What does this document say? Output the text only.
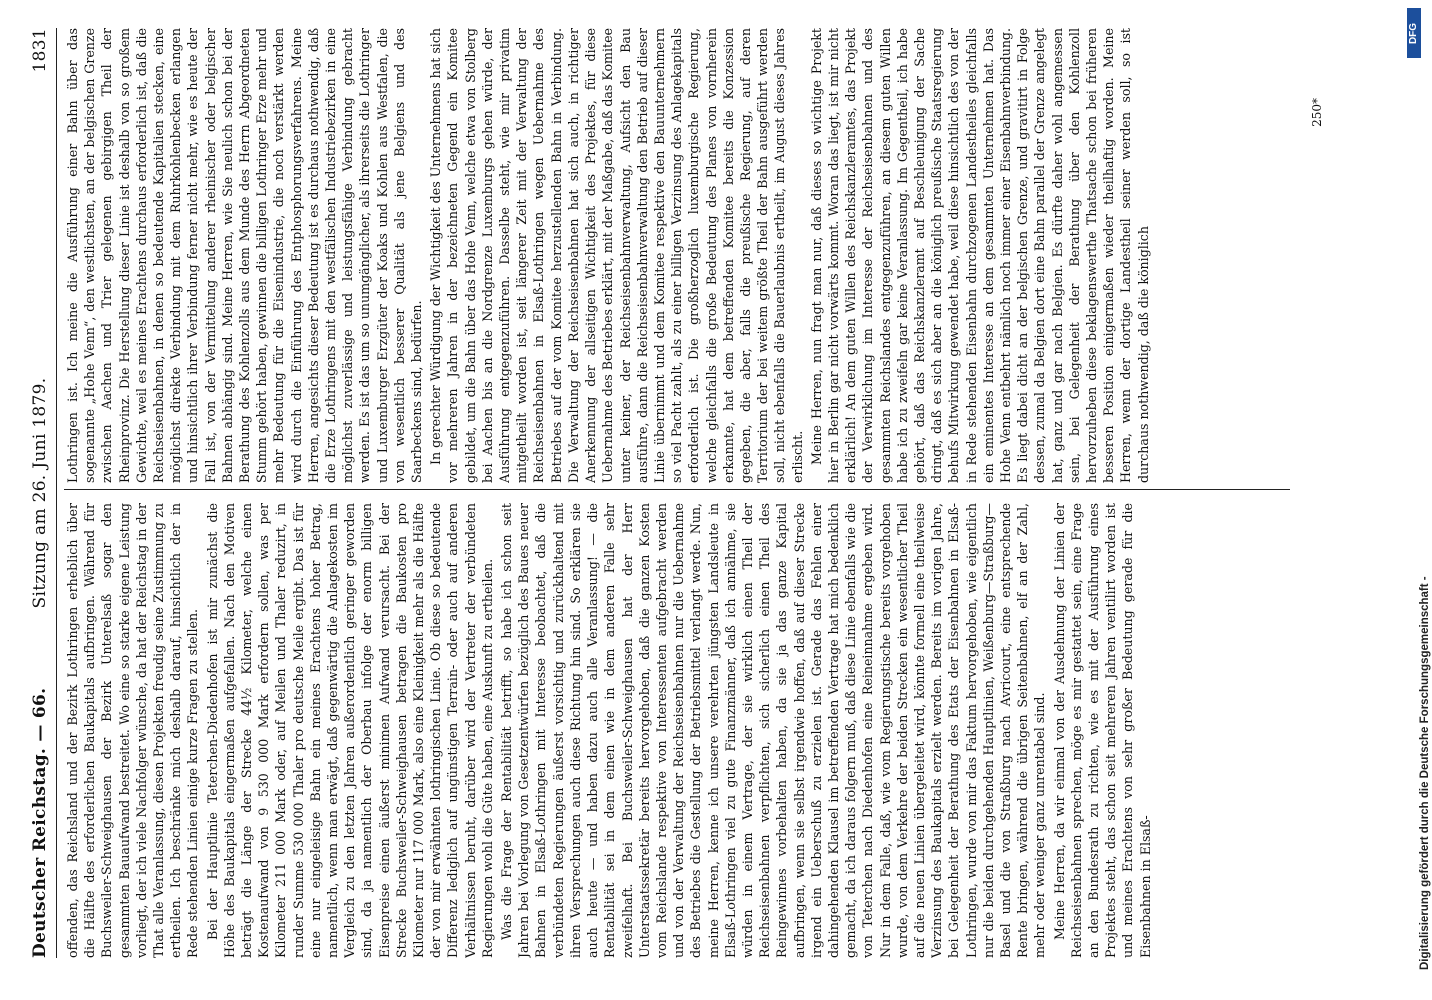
Deutscher Reichstag. — 66.
Sitzung am 26. Juni 1879.
1831

offenden, das Reichsland und der Bezirk Lothringen erheblich über die Hälfte des erforderlichen Baukapitals aufbringen. Während für Buchsweiler-Schweighausen der Bezirk Unterelsaß sogar den gesammten Bauaufwand bestreitet. Wo eine so starke eigene Leistung vorliegt, der ich viele Nachfolger wünsche, da hat der Reichstag in der That alle Veranlassung, diesen Projekten freudig seine Zustimmung zu ertheilen. Ich beschränke mich deshalb darauf, hinsichtlich der in Rede stehenden Linien einige kurze Fragen zu stellen. Bei der Hauptlinie Teterchen-Diedenhofen ist mir zunächst die Höhe des Baukapitals eingermaßen aufgefallen. Nach den Motiven beträgt die Länge der Strecke 44½ Kilometer, welche einen Kostenaufwand von 9 530 000 Mark erfordern sollen, was per Kilometer 211 000 Mark oder, auf Meilen und Thaler reduzirt, in runder Summe 530 000 Thaler pro deutsche Meile ergibt. Das ist für eine nur eingeleisige Bahn ein meines Erachtens hoher Betrag, namentlich, wenn man erwägt, daß gegenwärtig die Anlagekosten im Vergleich zu den letzten Jahren außerordentlich geringer geworden sind, da ja namentlich der Oberbau infolge der enorm billigen Eisenpreise einen äußerst minimen Aufwand verursacht. Bei der Strecke Buchsweiler-Schweighausen betragen die Baukosten pro Kilometer nur 117 000 Mark, also eine Kleinigkeit mehr als die Hälfte der von mir erwähnten lothringischen Linie. Ob diese so bedeutende Differenz lediglich auf ungünstigen Terrain- oder auch auf anderen Verhältnissen beruht, darüber wird der Vertreter der verbündeten Regierungen wohl die Güte haben, eine Auskunft zu ertheilen. Was die Frage der Rentabilität betrifft, so habe ich schon seit Jahren bei Vorlegung von Gesetzentwürfen bezüglich des Baues neuer Bahnen in Elsaß-Lothringen mit Interesse beobachtet, daß die verbündeten Regierungen äußerst vorsichtig und zurückhaltend mit ihren Versprechungen auch diese Richtung hin sind. So erklären sie auch heute — und haben dazu auch alle Veranlassung! — die Rentabilität sei in dem einen wie in dem anderen Falle sehr zweifelhaft. Bei Buchsweiler-Schweighausen hat der Herr Unterstaatssekretär bereits hervorgehoben, daß die ganzen Kosten vom Reichslande respektive von Interessenten aufgebracht werden und von der Verwaltung der Reichseisenbahnen nur die Uebernahme des Betriebes die Gestellung der Betriebsmittel verlangt werde. Nun, meine Herren, kenne ich unsere verehrten jüngsten Landsleute in Elsaß-Lothringen viel zu gute Finanzmänner, daß ich annähme, sie würden in einem Vertrage, der sie wirklich einen Theil der Reichseisenbahnen verpflichten, sich sicherlich einen Theil des Reingewinnes vorbehalten haben, da sie ja das ganze Kapital aufbringen, wenn sie selbst irgendwie hoffen, daß auf dieser Strecke irgend ein Ueberschuß zu erzielen ist. Gerade das Fehlen einer dahingehenden Klausel im betreffenden Vertrage hat mich bedenklich gemacht, da ich daraus folgern muß, daß diese Linie ebenfalls wie die von Teterchen nach Diedenhofen eine Reineinnahme ergeben wird. Nur in dem Falle, daß, wie vom Regierungstische bereits vorgehoben wurde, von dem Verkehre der beiden Strecken ein wesentlicher Theil auf die neuen Linien übergeleitet wird, könnte formell eine theilweise Verzinsung des Baukapitals erzielt werden. Bereits im vorigen Jahre, bei Gelegenheit der Berathung des Etats der Eisenbahnen in Elsaß-Lothringen, wurde von mir das Faktum hervorgehoben, wie eigentlich nur die beiden durchgehenden Hauptlinien, Weißenburg—Straßburg—Basel und die von Straßburg nach Avricourt, eine entsprechende Rente bringen, während die übrigen Seitenbahnen, elf an der Zahl, mehr oder weniger ganz unrentabel sind. Meine Herren, da wir einmal von der Ausdehnung der Linien der Reichseisenbahnen sprechen, möge es mir gestattet sein, eine Frage an den Bundesrath zu richten, wie es mit der Ausführung eines Projektes steht, das schon seit mehreren Jahren ventilirt worden ist und meines Erachtens von sehr großer Bedeutung gerade für die Eisenbahnen in Elsaß-

Lothringen ist. Ich meine die Ausführung einer Bahn über das sogenannte „Hohe Venn“, den westlichsten, an der belgischen Grenze zwischen Aachen und Trier gelegenen gebirgigen Theil der Rheinprovinz. Die Herstellung dieser Linie ist deshalb von so großem Gewichte, weil es meines Erachtens durchaus erforderlich ist, daß die Reichseisenbahnen, in denen so bedeutende Kapitalien stecken, eine möglichst direkte Verbindung mit dem Ruhrkohlenbecken erlangen und hinsichtlich ihrer Verbindung ferner nicht mehr, wie es heute der Fall ist, von der Vermittelung anderer rheinischer oder belgischer Bahnen abhängig sind. Meine Herren, wie Sie neulich schon bei der Berathung des Kohlenzolls aus dem Munde des Herrn Abgeordneten Stumm gehört haben, gewinnen die billigen Lothringer Erze mehr und mehr Bedeutung für die Eisenindustrie, die noch verstärkt werden wird durch die Einführung des Entphosphorungsverfahrens. Meine Herren, angesichts dieser Bedeutung ist es durchaus nothwendig, daß die Erze Lothringens mit den westfälischen Industriebezirken in eine möglichst zuverlässige und leistungsfähige Verbindung gebracht werden. Es ist das um so unumgänglicher, als ihrerseits die Lothringer und Luxemburger Erzgüter der Koaks und Kohlen aus Westfalen, die von wesentlich besserer Qualität als jene Belgiens und des Saarbeckens sind, bedürfen. In gerechter Würdigung der Wichtigkeit des Unternehmens hat sich vor mehreren Jahren in der bezeichneten Gegend ein Komitee gebildet, um die Bahn über das Hohe Venn, welche etwa von Stolberg bei Aachen bis an die Nordgrenze Luxemburgs gehen würde, der Ausführung entgegenzuführen. Dasselbe steht, wie mir privatim mitgetheilt worden ist, seit längerer Zeit mit der Verwaltung der Reichseisenbahnen in Elsaß-Lothringen wegen Uebernahme des Betriebes auf der vom Komitee herzustellenden Bahn in Verbindung. Die Verwaltung der Reichseisenbahnen hat sich auch, in richtiger Anerkennung der allseitigen Wichtigkeit des Projektes, für diese Uebernahme des Betriebes erklärt, mit der Maßgabe, daß das Komitee unter keiner, der Reichseisenbahnverwaltung, Aufsicht den Bau ausführe, dann die Reichseisenbahnverwaltung den Betrieb auf dieser Linie übernimmt und dem Komitee respektive den Bauunternehmern so viel Pacht zahlt, als zu einer billigen Verzinsung des Anlagekapitals erforderlich ist. Die großherzoglich luxemburgische Regierung, welche gleichfalls die große Bedeutung des Planes von vornherein erkannte, hat dem betreffenden Komitee bereits die Konzession gegeben, die aber, falls die preußische Regierung, auf deren Territorium der bei weitem größte Theil der Bahn ausgeführt werden soll, nicht ebenfalls die Bauerlaubnis ertheilt, im August dieses Jahres erlischt. Meine Herren, nun fragt man nur, daß dieses so wichtige Projekt hier in Berlin gar nicht vorwärts kommt. Woran das liegt, ist mir nicht erklärlich! An dem guten Willen des Reichskanzleramtes, das Projekt der Verwirklichung im Interesse der Reichseisenbahnen und des gesammten Reichslandes entgegenzuführen, an diesem guten Willen habe ich zu zweifeln gar keine Veranlassung. Im Gegentheil, ich habe gehört, daß das Reichskanzleramt auf Beschleunigung der Sache dringt, daß es sich aber an die königlich preußische Staatsregierung behufs Mitwirkung gewendet habe, weil diese hinsichtlich des von der in Rede stehenden Eisenbahn durchzogenen Landestheiles gleichfalls ein eminentes Interesse an dem gesammten Unternehmen hat. Das Hohe Venn entbehrt nämlich noch immer einer Eisenbahnverbindung. Es liegt dabei dicht an der belgischen Grenze, und gravitirt in Folge dessen, zumal da Belgien dort eine Bahn parallel der Grenze angelegt hat, ganz und gar nach Belgien. Es dürfte daher wohl angemessen sein, bei Gelegenheit der Berathung über den Kohlenzoll hervorzuheben diese beklagenswerthe Thatsache schon bei früheren besseren Position einigermaßen wieder theilhaftig worden. Meine Herren, wenn der dortige Landestheil seiner werden soll, so ist durchaus nothwendig, daß die königlich

250*
DFG
Digitalisierung gefördert durch die Deutsche Forschungsgemeinschaft -
